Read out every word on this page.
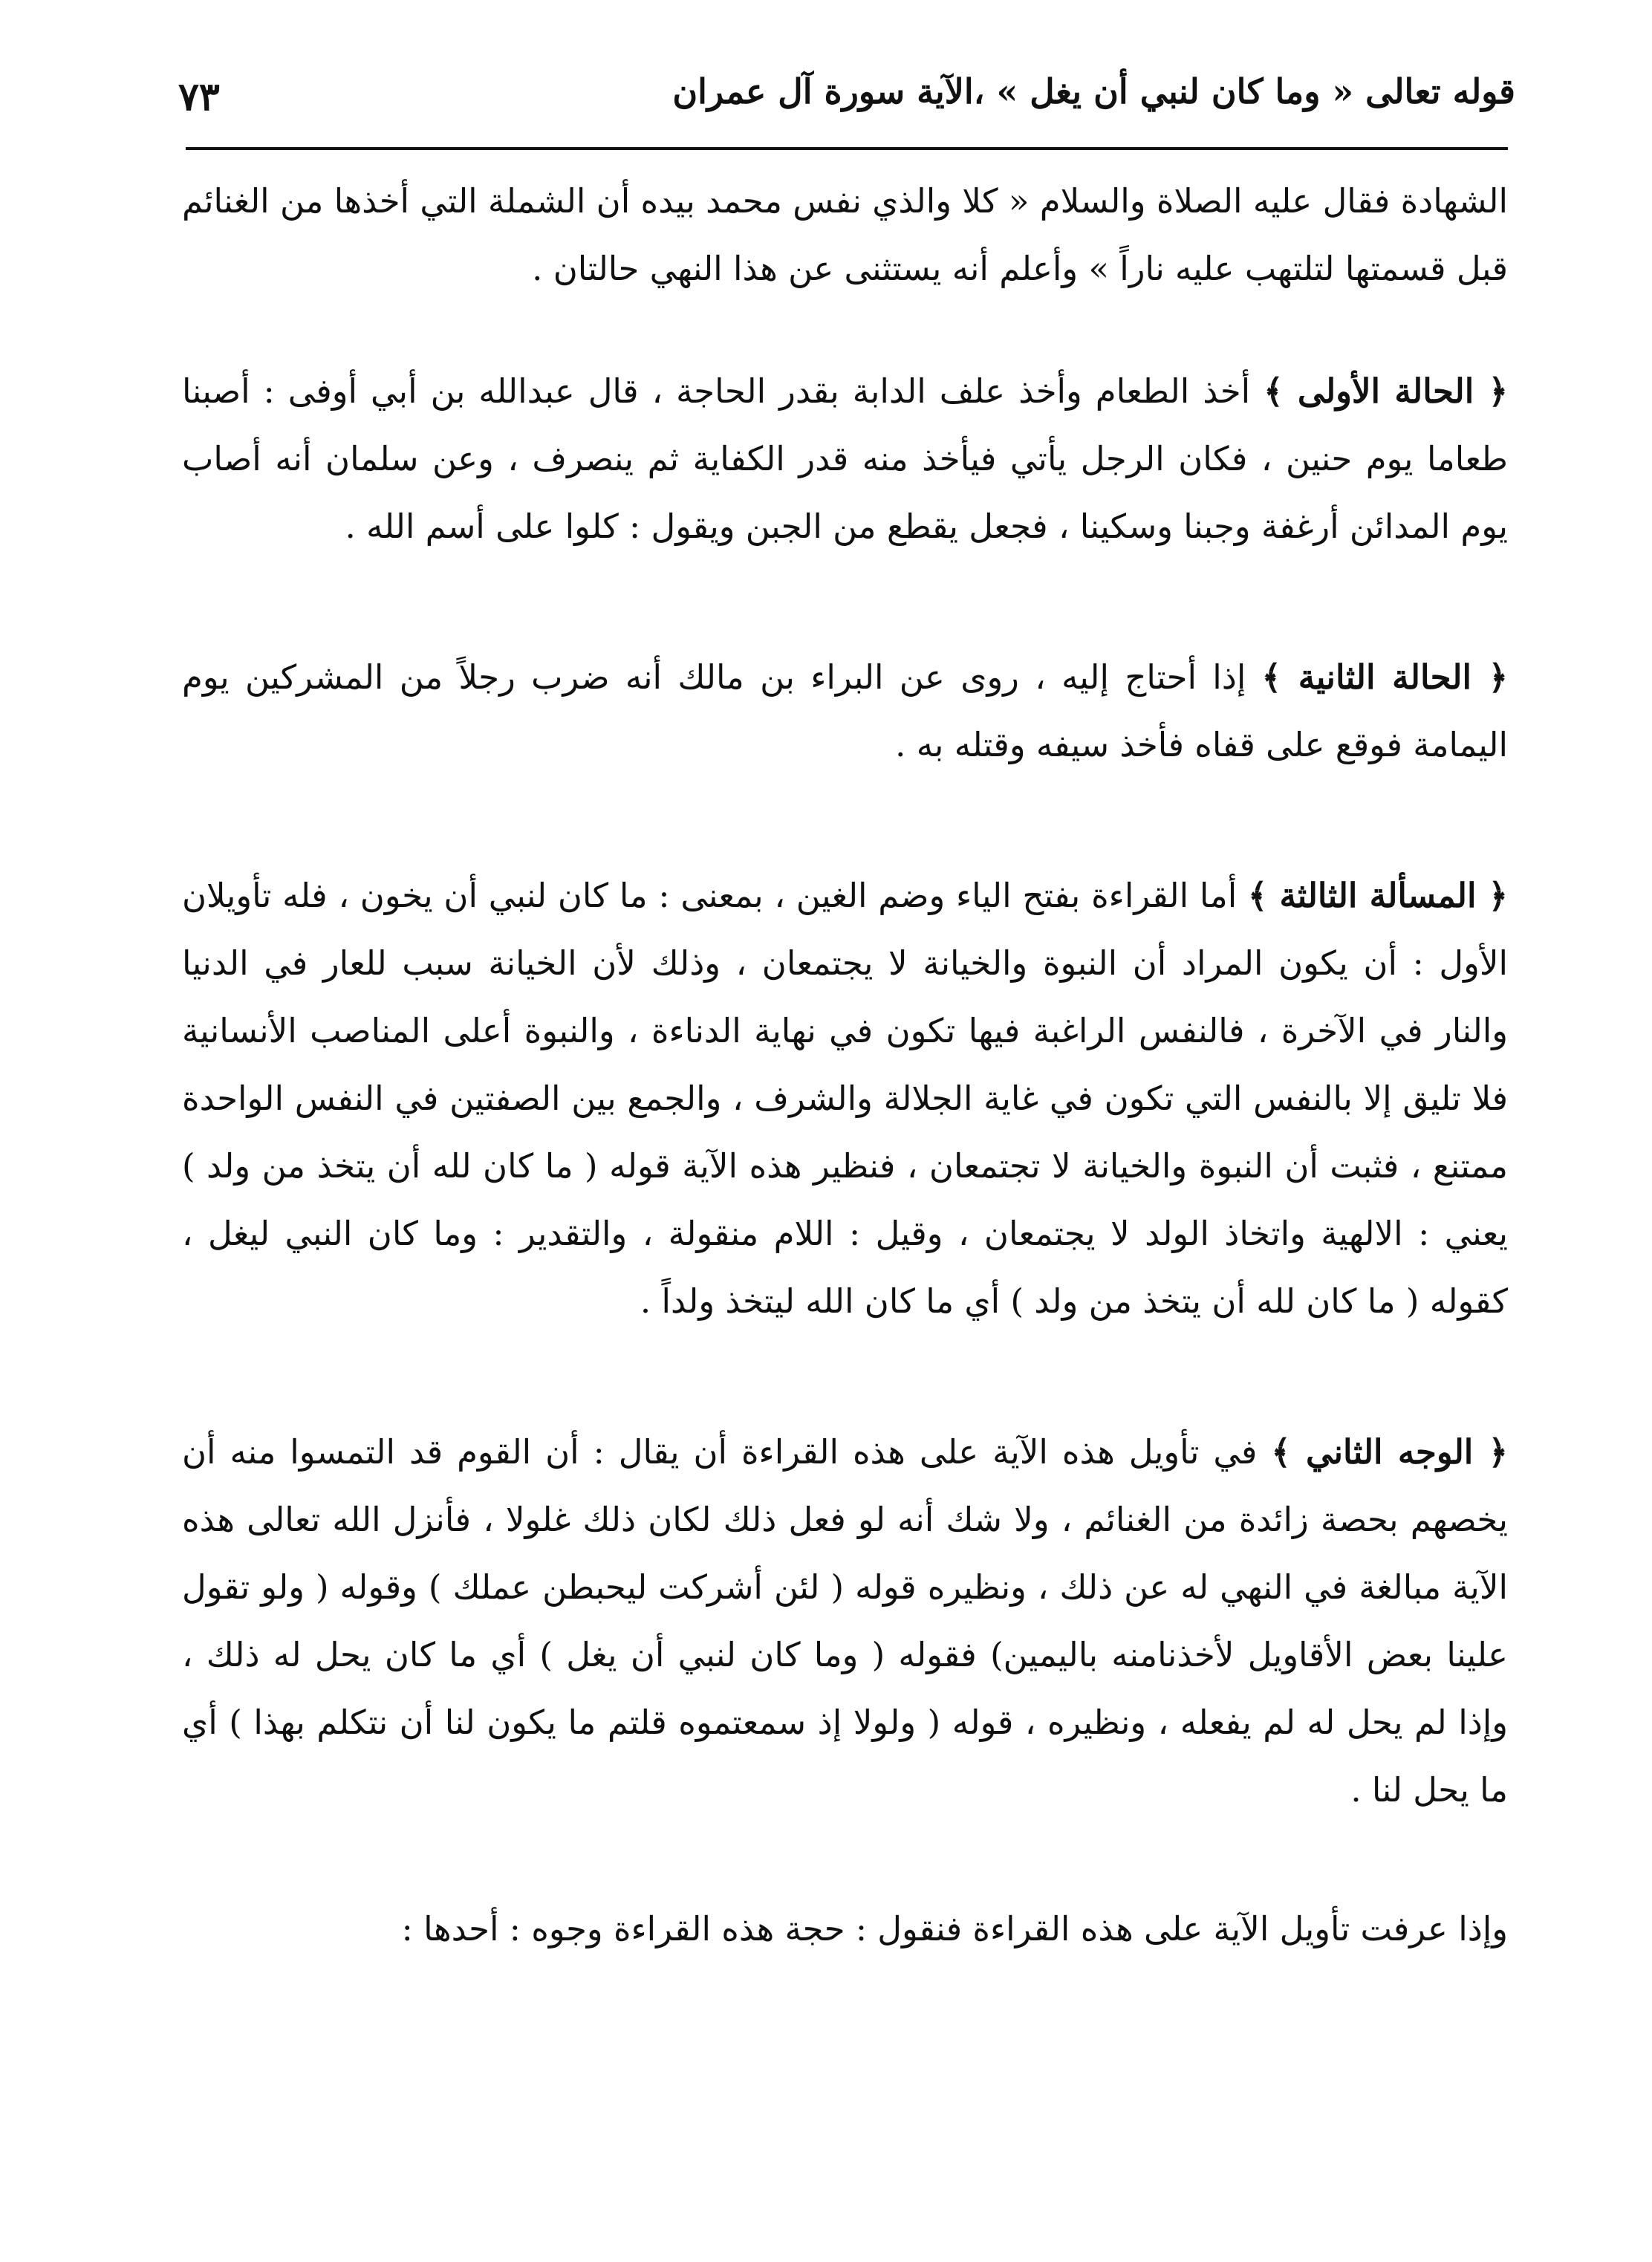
٧٣	قوله تعالى « وما كان لنبي أن يغل » ،الآية سورة آل عمران

الشهادة فقال عليه الصلاة والسلام « كلا والذي نفس محمد بيده أن الشملة التي أخذها من الغنائم قبل قسمتها لتلتهب عليه ناراً » وأعلم أنه يستثنى عن هذا النهي حالتان .

﴿ الحالة الأولى ﴾ أخذ الطعام وأخذ علف الدابة بقدر الحاجة ، قال عبدالله بن أبي أوفى : أصبنا طعاما يوم حنين ، فكان الرجل يأتي فيأخذ منه قدر الكفاية ثم ينصرف ، وعن سلمان أنه أصاب يوم المدائن أرغفة وجبنا وسكينا ، فجعل يقطع من الجبن ويقول : كلوا على أسم الله .

﴿ الحالة الثانية ﴾ إذا أحتاج إليه ، روى عن البراء بن مالك أنه ضرب رجلاً من المشركين يوم اليمامة فوقع على قفاه فأخذ سيفه وقتله به .

﴿ المسألة الثالثة ﴾ أما القراءة بفتح الياء وضم الغين ، بمعنى : ما كان لنبي أن يخون ، فله تأويلان الأول : أن يكون المراد أن النبوة والخيانة لا يجتمعان ، وذلك لأن الخيانة سبب للعار في الدنيا والنار في الآخرة ، فالنفس الراغبة فيها تكون في نهاية الدناءة ، والنبوة أعلى المناصب الأنسانية فلا تليق إلا بالنفس التي تكون في غاية الجلالة والشرف ، والجمع بين الصفتين في النفس الواحدة ممتنع ، فثبت أن النبوة والخيانة لا تجتمعان ، فنظير هذه الآية قوله ( ما كان لله أن يتخذ من ولد ) يعني : الالهية واتخاذ الولد لا يجتمعان ، وقيل : اللام منقولة ، والتقدير : وما كان النبي ليغل ، كقوله ( ما كان لله أن يتخذ من ولد ) أي ما كان الله ليتخذ ولداً .

﴿ الوجه الثاني ﴾ في تأويل هذه الآية على هذه القراءة أن يقال : أن القوم قد التمسوا منه أن يخصهم بحصة زائدة من الغنائم ، ولا شك أنه لو فعل ذلك لكان ذلك غلولا ، فأنزل الله تعالى هذه الآية مبالغة في النهي له عن ذلك ، ونظيره قوله ( لئن أشركت ليحبطن عملك ) وقوله ( ولو تقول علينا بعض الأقاويل لأخذنامنه باليمين) فقوله ( وما كان لنبي أن يغل ) أي ما كان يحل له ذلك ، وإذا لم يحل له لم يفعله ، ونظيره ، قوله ( ولولا إذ سمعتموه قلتم ما يكون لنا أن نتكلم بهذا ) أي ما يحل لنا .

وإذا عرفت تأويل الآية على هذه القراءة فنقول : حجة هذه القراءة وجوه : أحدها :
